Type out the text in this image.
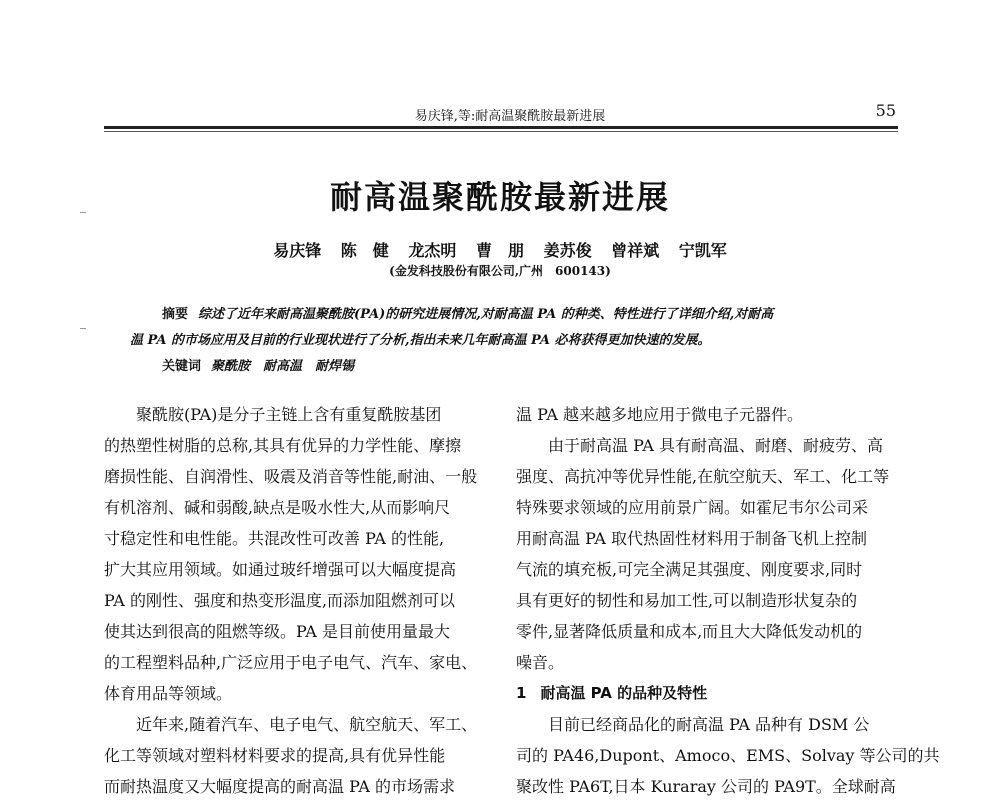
易庆锋,等:耐高温聚酰胺最新进展	55
耐高温聚酰胺最新进展
易庆锋 陈　健 龙杰明 曹　朋 姜苏俊 曾祥斌 宁凯军
(金发科技股份有限公司,广州　600143)
摘要 综述了近年来耐高温聚酰胺(PA)的研究进展情况,对耐高温 PA 的种类、特性进行了详细介绍,对耐高
温 PA 的市场应用及目前的行业现状进行了分析,指出未来几年耐高温 PA 必将获得更加快速的发展。
关键词 聚酰胺　耐高温　耐焊锡
聚酰胺(PA)是分子主链上含有重复酰胺基团
的热塑性树脂的总称,其具有优异的力学性能、摩擦
磨损性能、自润滑性、吸震及消音等性能,耐油、一般
有机溶剂、碱和弱酸,缺点是吸水性大,从而影响尺
寸稳定性和电性能。共混改性可改善 PA 的性能,
扩大其应用领域。如通过玻纤增强可以大幅度提高
PA 的刚性、强度和热变形温度,而添加阻燃剂可以
使其达到很高的阻燃等级。PA 是目前使用量最大
的工程塑料品种,广泛应用于电子电气、汽车、家电、
体育用品等领域。
近年来,随着汽车、电子电气、航空航天、军工、
化工等领域对塑料材料要求的提高,具有优异性能
而耐热温度又大幅度提高的耐高温 PA 的市场需求
温 PA 越来越多地应用于微电子元器件。
由于耐高温 PA 具有耐高温、耐磨、耐疲劳、高
强度、高抗冲等优异性能,在航空航天、军工、化工等
特殊要求领域的应用前景广阔。如霍尼韦尔公司采
用耐高温 PA 取代热固性材料用于制备飞机上控制
气流的填充板,可完全满足其强度、刚度要求,同时
具有更好的韧性和易加工性,可以制造形状复杂的
零件,显著降低质量和成本,而且大大降低发动机的
噪音。
1 耐高温 PA 的品种及特性
目前已经商品化的耐高温 PA 品种有 DSM 公
司的 PA46,Dupont、Amoco、EMS、Solvay 等公司的共
聚改性 PA6T,日本 Kuraray 公司的 PA9T。全球耐高
